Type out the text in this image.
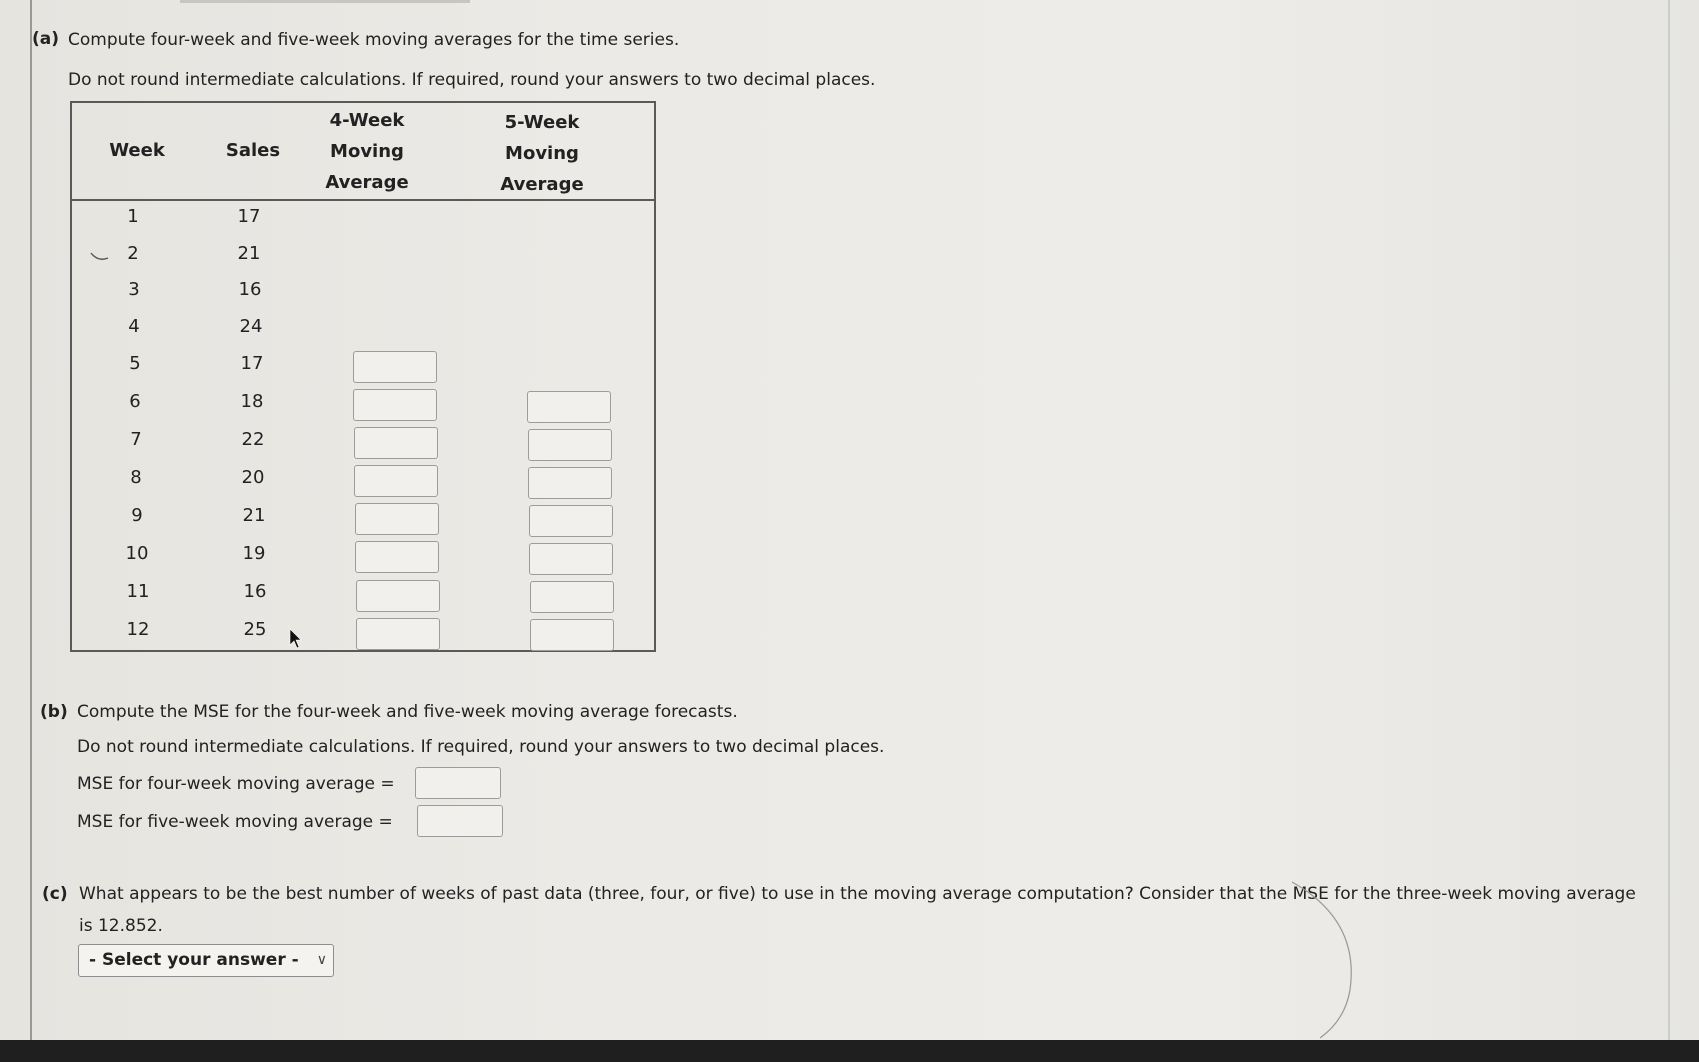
(a) Compute four-week and five-week moving averages for the time series.
Do not round intermediate calculations. If required, round your answers to two decimal places.
Week	Sales
4-Week
Moving
Average
5-Week
Moving
Average
1	17
2	21
3	16
4	24
5	17
6	18
7	22
8	20
9	21
10	19
11	16
12	25
(b) Compute the MSE for the four-week and five-week moving average forecasts.
Do not round intermediate calculations. If required, round your answers to two decimal places.
MSE for four-week moving average =
MSE for five-week moving average =
(c) What appears to be the best number of weeks of past data (three, four, or five) to use in the moving average computation? Consider that the MSE for the three-week moving average
is 12.852.
- Select your answer - ∨
